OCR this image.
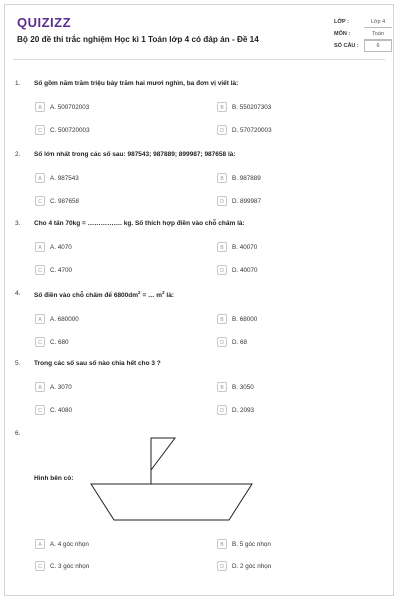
QUIZIZZ
Bộ 20 đề thi trắc nghiệm Học kì 1 Toán lớp 4 có đáp án - Đề 14
LỚP :	Lớp 4
MÔN :	Toán
SỐ CÂU :	6
1. Số gồm năm trăm triệu bảy trăm hai mươi nghìn, ba đơn vị viết là:
A	A. 500702003	B	B. 550207303
C	C. 500720003	D	D. 570720003
2. Số lớn nhất trong các số sau: 987543; 987889; 899987; 987658 là:
A	A. 987543	B	B. 987889
C	C. 987658	D	D. 899987
3. Cho 4 tấn 70kg = ……………. kg. Số thích hợp điền vào chỗ chấm là:
A	A. 4070	B	B. 40070
C	C. 4700	D	D. 40070
4. Số điền vào chỗ chấm để $6800dm^2$ = … $m^2$ là:
A	A. 680000	B	B. 68000
C	C. 680	D	D. 68
5. Trong các số sau số nào chia hết cho 3 ?
A	A. 3070	B	B. 3050
C	C. 4080	D	D. 2093
6.
Hình bên có:
A	A. 4 góc nhọn	B	B. 5 góc nhọn
C	C. 3 góc nhọn	D	D. 2 góc nhọn
